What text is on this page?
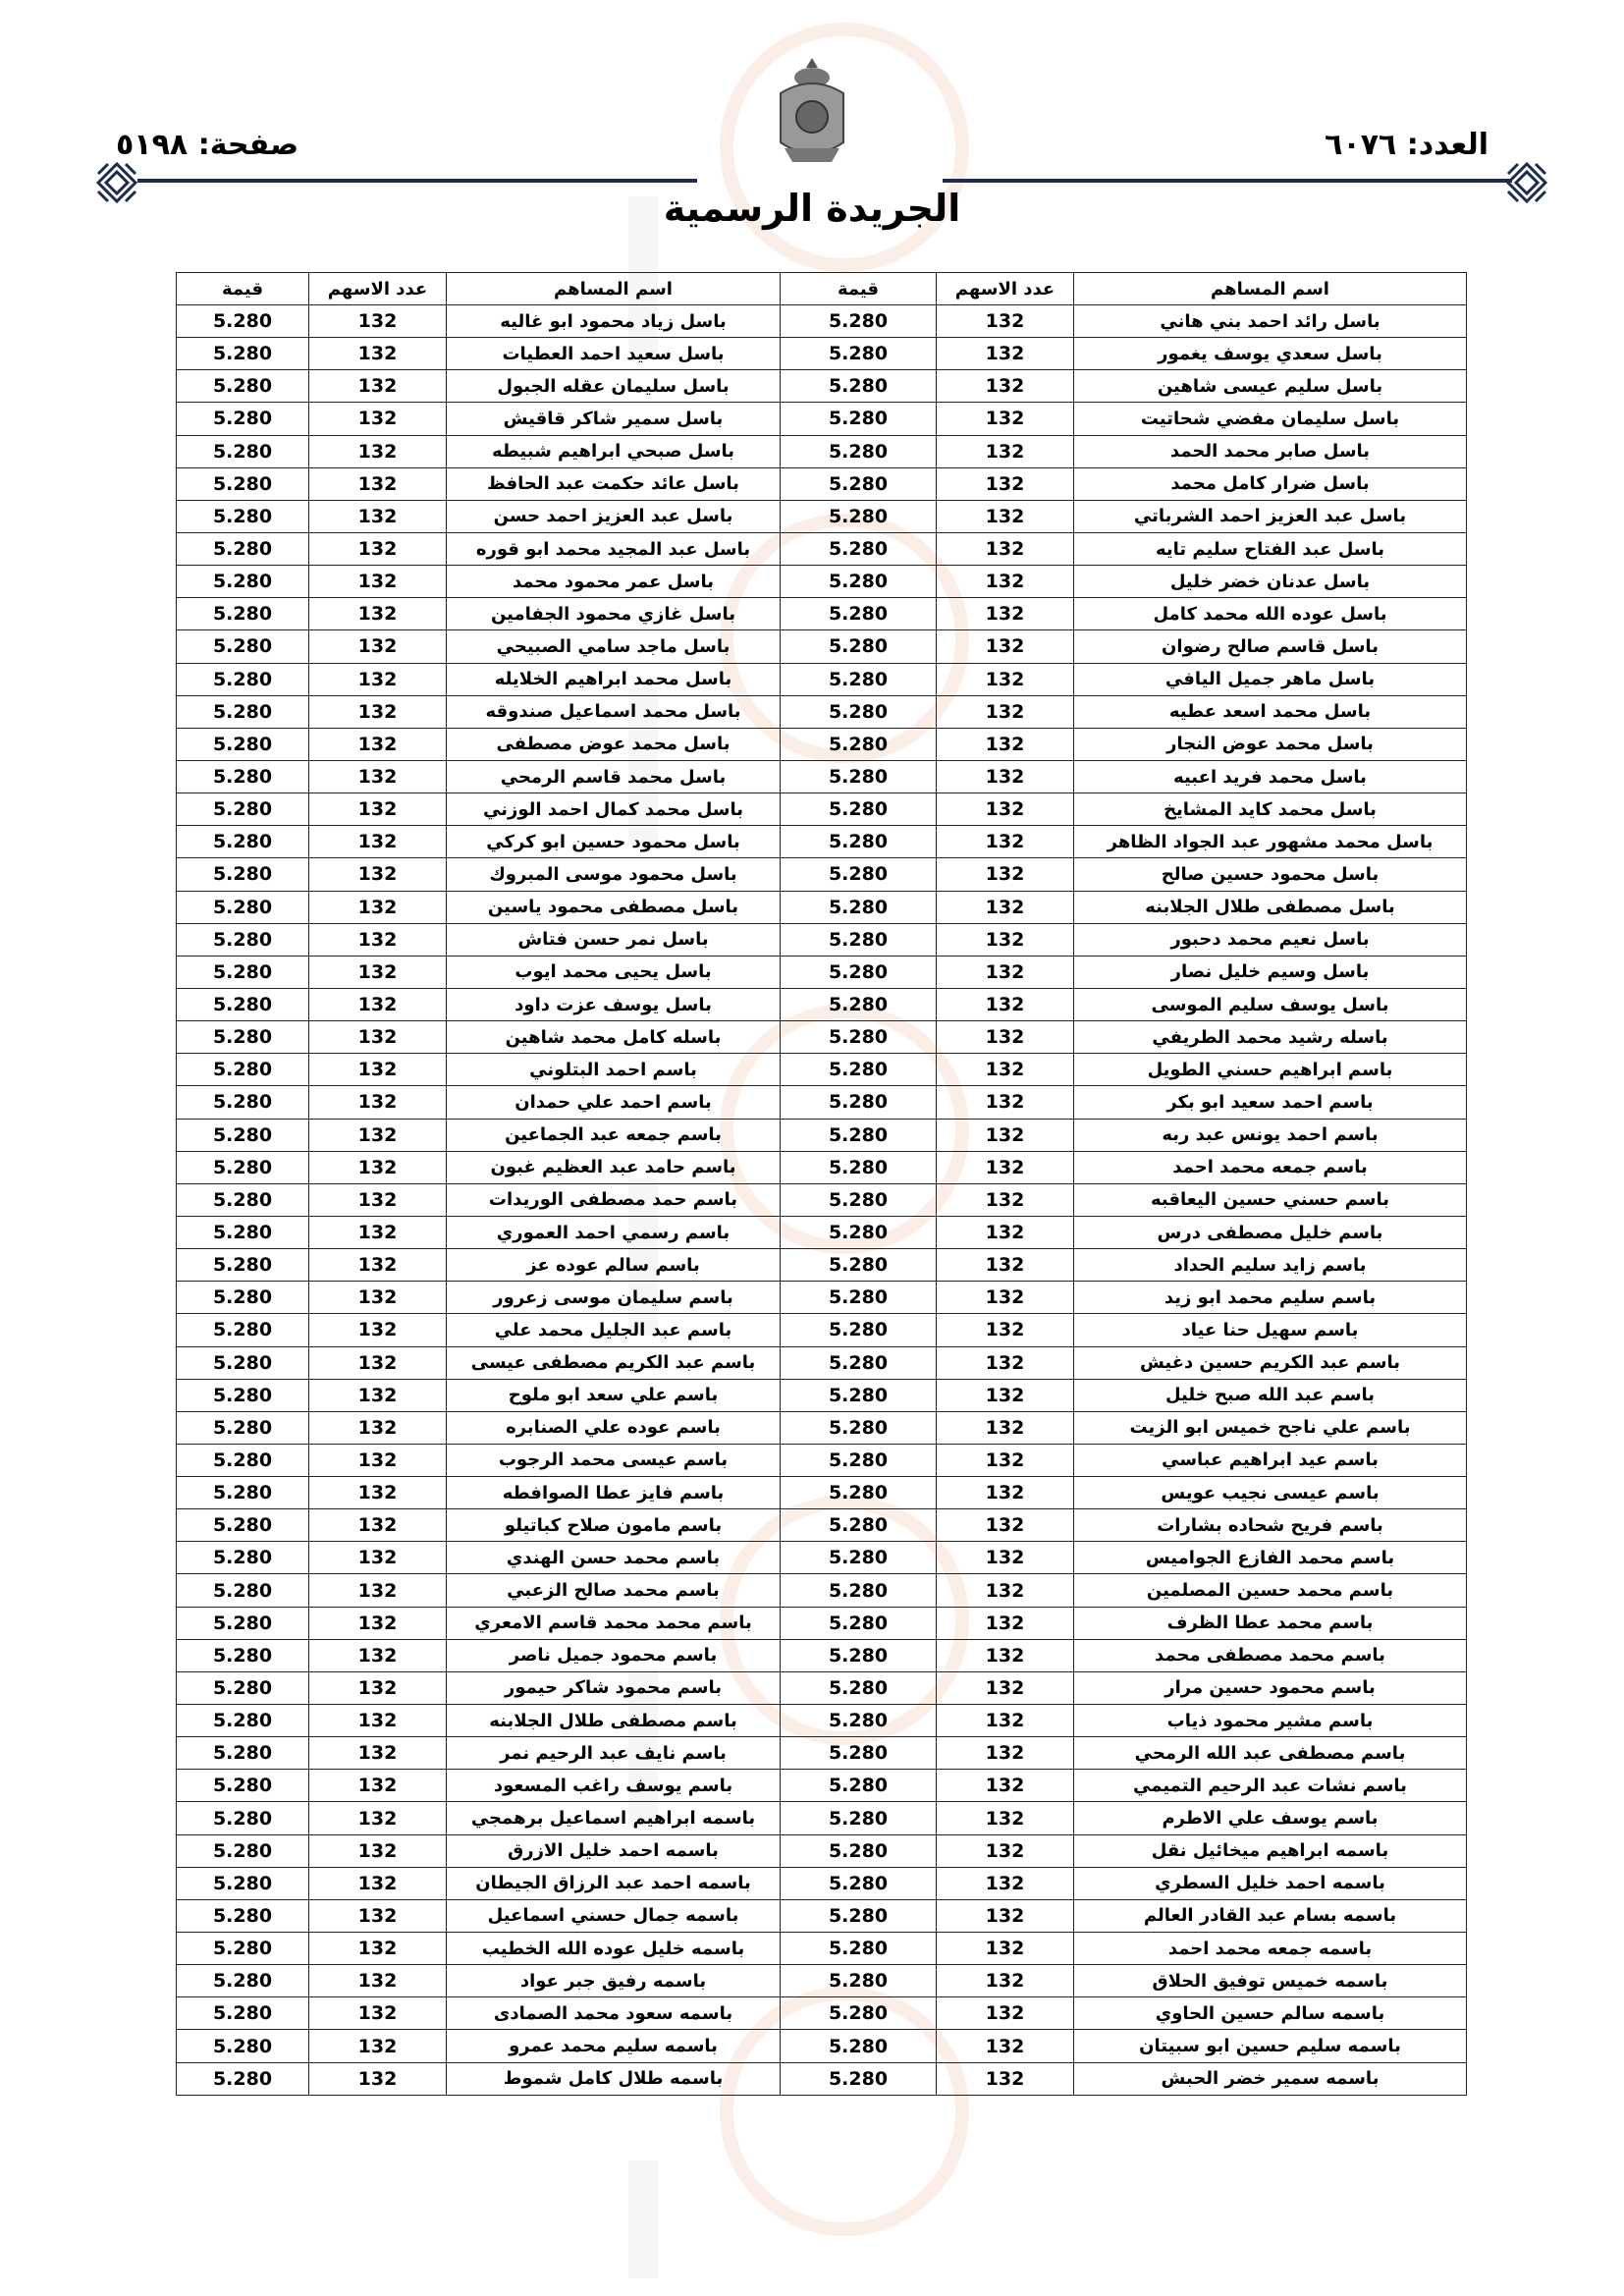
العدد: ٦٠٧٦
صفحة: ٥١٩٨
الجريدة الرسمية
اسم المساهم	عدد الاسهم	قيمة	اسم المساهم	عدد الاسهم	قيمة
باسل رائد احمد بني هاني	132	5.280	باسل زياد محمود ابو غاليه	132	5.280
باسل سعدي يوسف يغمور	132	5.280	باسل سعيد احمد العطيات	132	5.280
باسل سليم عيسى شاهين	132	5.280	باسل سليمان عقله الجبول	132	5.280
باسل سليمان مفضي شحاتيت	132	5.280	باسل سمير شاكر قاقيش	132	5.280
باسل صابر محمد الحمد	132	5.280	باسل صبحي ابراهيم شبيطه	132	5.280
باسل ضرار كامل محمد	132	5.280	باسل عائد حكمت عبد الحافظ	132	5.280
باسل عبد العزيز احمد الشرباتي	132	5.280	باسل عبد العزيز احمد حسن	132	5.280
باسل عبد الفتاح سليم تايه	132	5.280	باسل عبد المجيد محمد ابو قوره	132	5.280
باسل عدنان خضر خليل	132	5.280	باسل عمر محمود محمد	132	5.280
باسل عوده الله محمد كامل	132	5.280	باسل غازي محمود الجفامين	132	5.280
باسل قاسم صالح رضوان	132	5.280	باسل ماجد سامي الصبيحي	132	5.280
باسل ماهر جميل اليافي	132	5.280	باسل محمد ابراهيم الخلايله	132	5.280
باسل محمد اسعد عطيه	132	5.280	باسل محمد اسماعيل صندوقه	132	5.280
باسل محمد عوض النجار	132	5.280	باسل محمد عوض مصطفى	132	5.280
باسل محمد فريد اعبيه	132	5.280	باسل محمد قاسم الرمحي	132	5.280
باسل محمد كايد المشايخ	132	5.280	باسل محمد كمال احمد الوزني	132	5.280
باسل محمد مشهور عبد الجواد الظاهر	132	5.280	باسل محمود حسين ابو كركي	132	5.280
باسل محمود حسين صالح	132	5.280	باسل محمود موسى المبروك	132	5.280
باسل مصطفى طلال الجلابنه	132	5.280	باسل مصطفى محمود ياسين	132	5.280
باسل نعيم محمد دحبور	132	5.280	باسل نمر حسن فتاش	132	5.280
باسل وسيم خليل نصار	132	5.280	باسل يحيى محمد ايوب	132	5.280
باسل يوسف سليم الموسى	132	5.280	باسل يوسف عزت داود	132	5.280
باسله رشيد محمد الطريفي	132	5.280	باسله كامل محمد شاهين	132	5.280
باسم ابراهيم حسني الطويل	132	5.280	باسم احمد البتلوني	132	5.280
باسم احمد سعيد ابو بكر	132	5.280	باسم احمد علي حمدان	132	5.280
باسم احمد يونس عبد ربه	132	5.280	باسم جمعه عبد الجماعين	132	5.280
باسم جمعه محمد احمد	132	5.280	باسم حامد عبد العظيم غبون	132	5.280
باسم حسني حسين اليعاقبه	132	5.280	باسم حمد مصطفى الوريدات	132	5.280
باسم خليل مصطفى درس	132	5.280	باسم رسمي احمد العموري	132	5.280
باسم زايد سليم الحداد	132	5.280	باسم سالم عوده عز	132	5.280
باسم سليم محمد ابو زيد	132	5.280	باسم سليمان موسى زعرور	132	5.280
باسم سهيل حنا عياد	132	5.280	باسم عبد الجليل محمد علي	132	5.280
باسم عبد الكريم حسين دغيش	132	5.280	باسم عبد الكريم مصطفى عيسى	132	5.280
باسم عبد الله صبح خليل	132	5.280	باسم علي سعد ابو ملوح	132	5.280
باسم علي ناجح خميس ابو الزيت	132	5.280	باسم عوده علي الصنابره	132	5.280
باسم عيد ابراهيم عباسي	132	5.280	باسم عيسى محمد الرجوب	132	5.280
باسم عيسى نجيب عويس	132	5.280	باسم فايز عطا الصوافطه	132	5.280
باسم فريح شحاده بشارات	132	5.280	باسم مامون صلاح كباتيلو	132	5.280
باسم محمد الفازع الجواميس	132	5.280	باسم محمد حسن الهندي	132	5.280
باسم محمد حسين المصلمين	132	5.280	باسم محمد صالح الزعبي	132	5.280
باسم محمد عطا الظرف	132	5.280	باسم محمد محمد قاسم الامعري	132	5.280
باسم محمد مصطفى محمد	132	5.280	باسم محمود جميل ناصر	132	5.280
باسم محمود حسين مرار	132	5.280	باسم محمود شاكر حيمور	132	5.280
باسم مشير محمود ذياب	132	5.280	باسم مصطفى طلال الجلابنه	132	5.280
باسم مصطفى عبد الله الرمحي	132	5.280	باسم نايف عبد الرحيم نمر	132	5.280
باسم نشات عبد الرحيم التميمي	132	5.280	باسم يوسف راغب المسعود	132	5.280
باسم يوسف علي الاطرم	132	5.280	باسمه ابراهيم اسماعيل برهمجي	132	5.280
باسمه ابراهيم ميخائيل نقل	132	5.280	باسمه احمد خليل الازرق	132	5.280
باسمه احمد خليل السطري	132	5.280	باسمه احمد عبد الرزاق الجيطان	132	5.280
باسمه بسام عبد القادر العالم	132	5.280	باسمه جمال حسني اسماعيل	132	5.280
باسمه جمعه محمد احمد	132	5.280	باسمه خليل عوده الله الخطيب	132	5.280
باسمه خميس توفيق الحلاق	132	5.280	باسمه رفيق جبر عواد	132	5.280
باسمه سالم حسين الحاوي	132	5.280	باسمه سعود محمد الصمادى	132	5.280
باسمه سليم حسين ابو سبيتان	132	5.280	باسمه سليم محمد عمرو	132	5.280
باسمه سمير خضر الحبش	132	5.280	باسمه طلال كامل شموط	132	5.280
